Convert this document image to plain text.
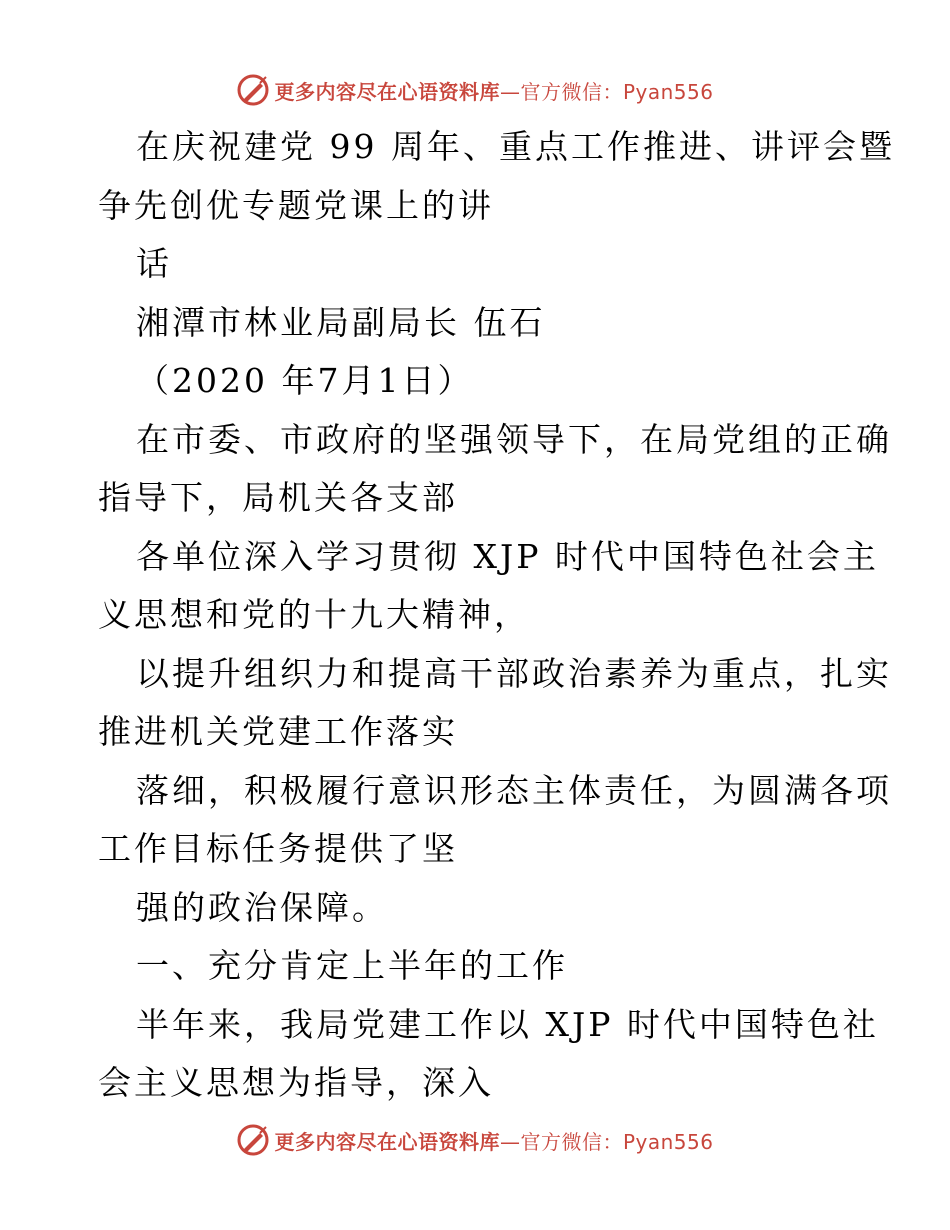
更多内容尽在心语资料库—官方微信：Pyan556
在庆祝建党 99 周年、重点工作推进、讲评会暨
争先创优专题党课上的讲
话
湘潭市林业局副局长 伍石
（2020 年7月1日）
在市委、市政府的坚强领导下，在局党组的正确
指导下，局机关各支部
各单位深入学习贯彻 XJP 时代中国特色社会主
义思想和党的十九大精神，
以提升组织力和提高干部政治素养为重点，扎实
推进机关党建工作落实
落细，积极履行意识形态主体责任，为圆满各项
工作目标任务提供了坚
强的政治保障。
一、充分肯定上半年的工作
半年来，我局党建工作以 XJP 时代中国特色社
会主义思想为指导，深入
更多内容尽在心语资料库—官方微信：Pyan556
